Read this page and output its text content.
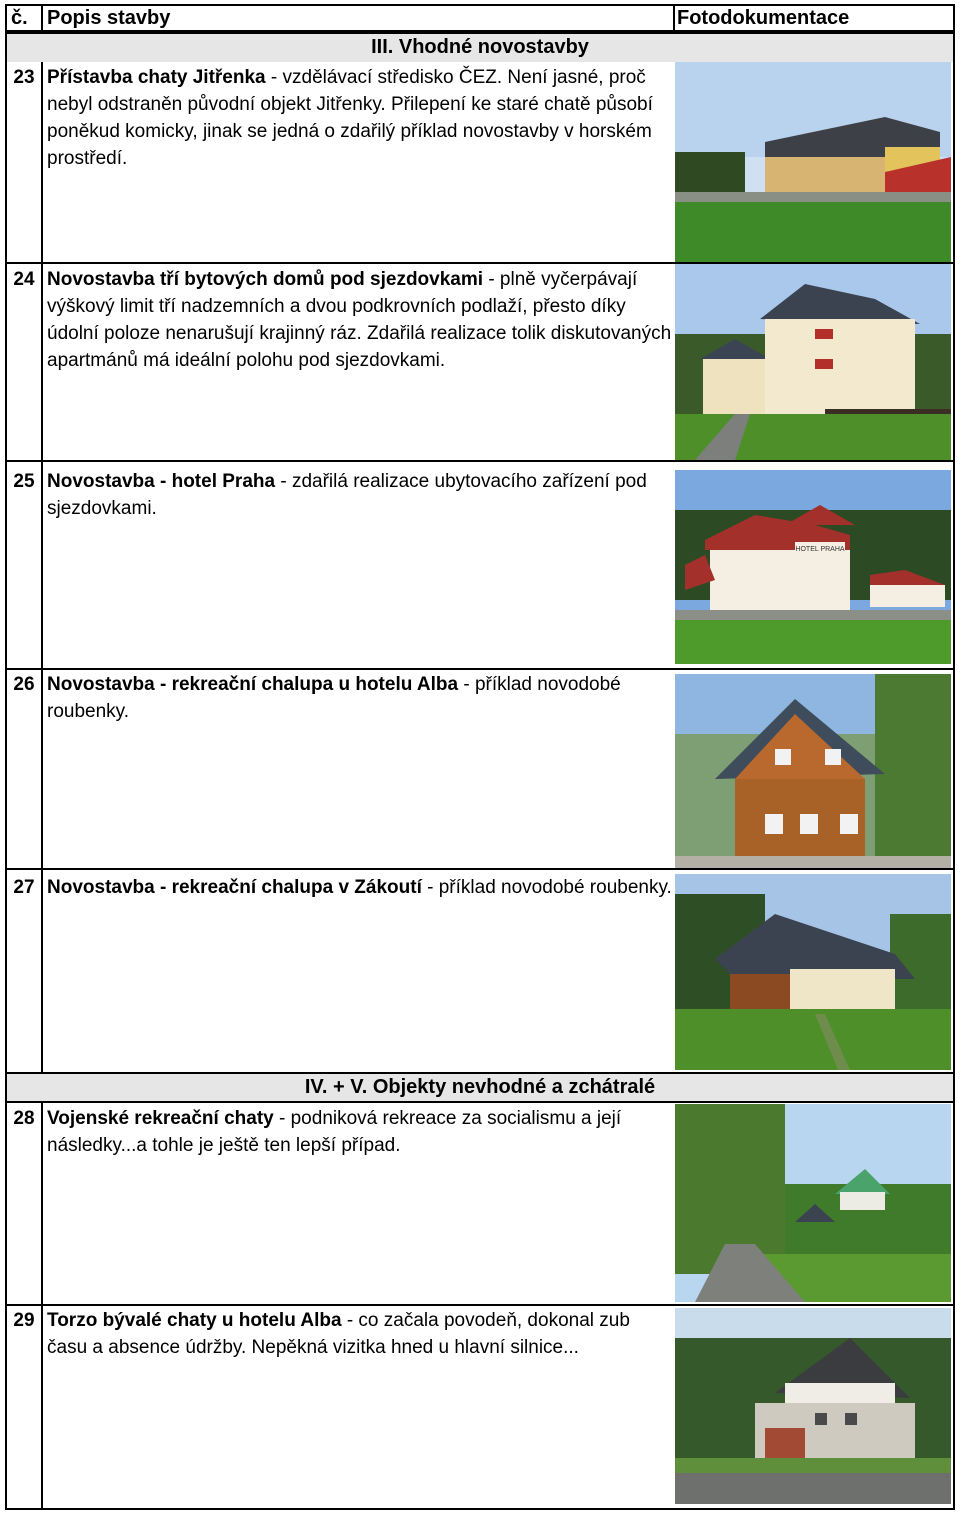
č. Popis stavby	Fotodokumentace
III. Vhodné novostavby
23 Přístavba chaty Jitřenka - vzdělávací středisko ČEZ. Není jasné, proč nebyl odstraněn původní objekt Jitřenky. Přilepení ke staré chatě působí poněkud komicky, jinak se jedná o zdařilý příklad novostavby v horském prostředí.
24 Novostavba tří bytových domů pod sjezdovkami - plně vyčerpávají výškový limit tří nadzemních a dvou podkrovních podlaží, přesto díky údolní poloze nenarušují krajinný ráz. Zdařilá realizace tolik diskutovaných apartmánů má ideální polohu pod sjezdovkami.
25 Novostavba - hotel Praha - zdařilá realizace ubytovacího zařízení pod sjezdovkami.
HOTEL PRAHA
26 Novostavba - rekreační chalupa u hotelu Alba - příklad novodobé roubenky.
27 Novostavba - rekreační chalupa v Zákoutí - příklad novodobé roubenky.
IV. + V. Objekty nevhodné a zchátralé
28 Vojenské rekreační chaty - podniková rekreace za socialismu a její následky...a tohle je ještě ten lepší případ.
29 Torzo bývalé chaty u hotelu Alba - co začala povodeň, dokonal zub času a absence údržby. Nepěkná vizitka hned u hlavní silnice...
